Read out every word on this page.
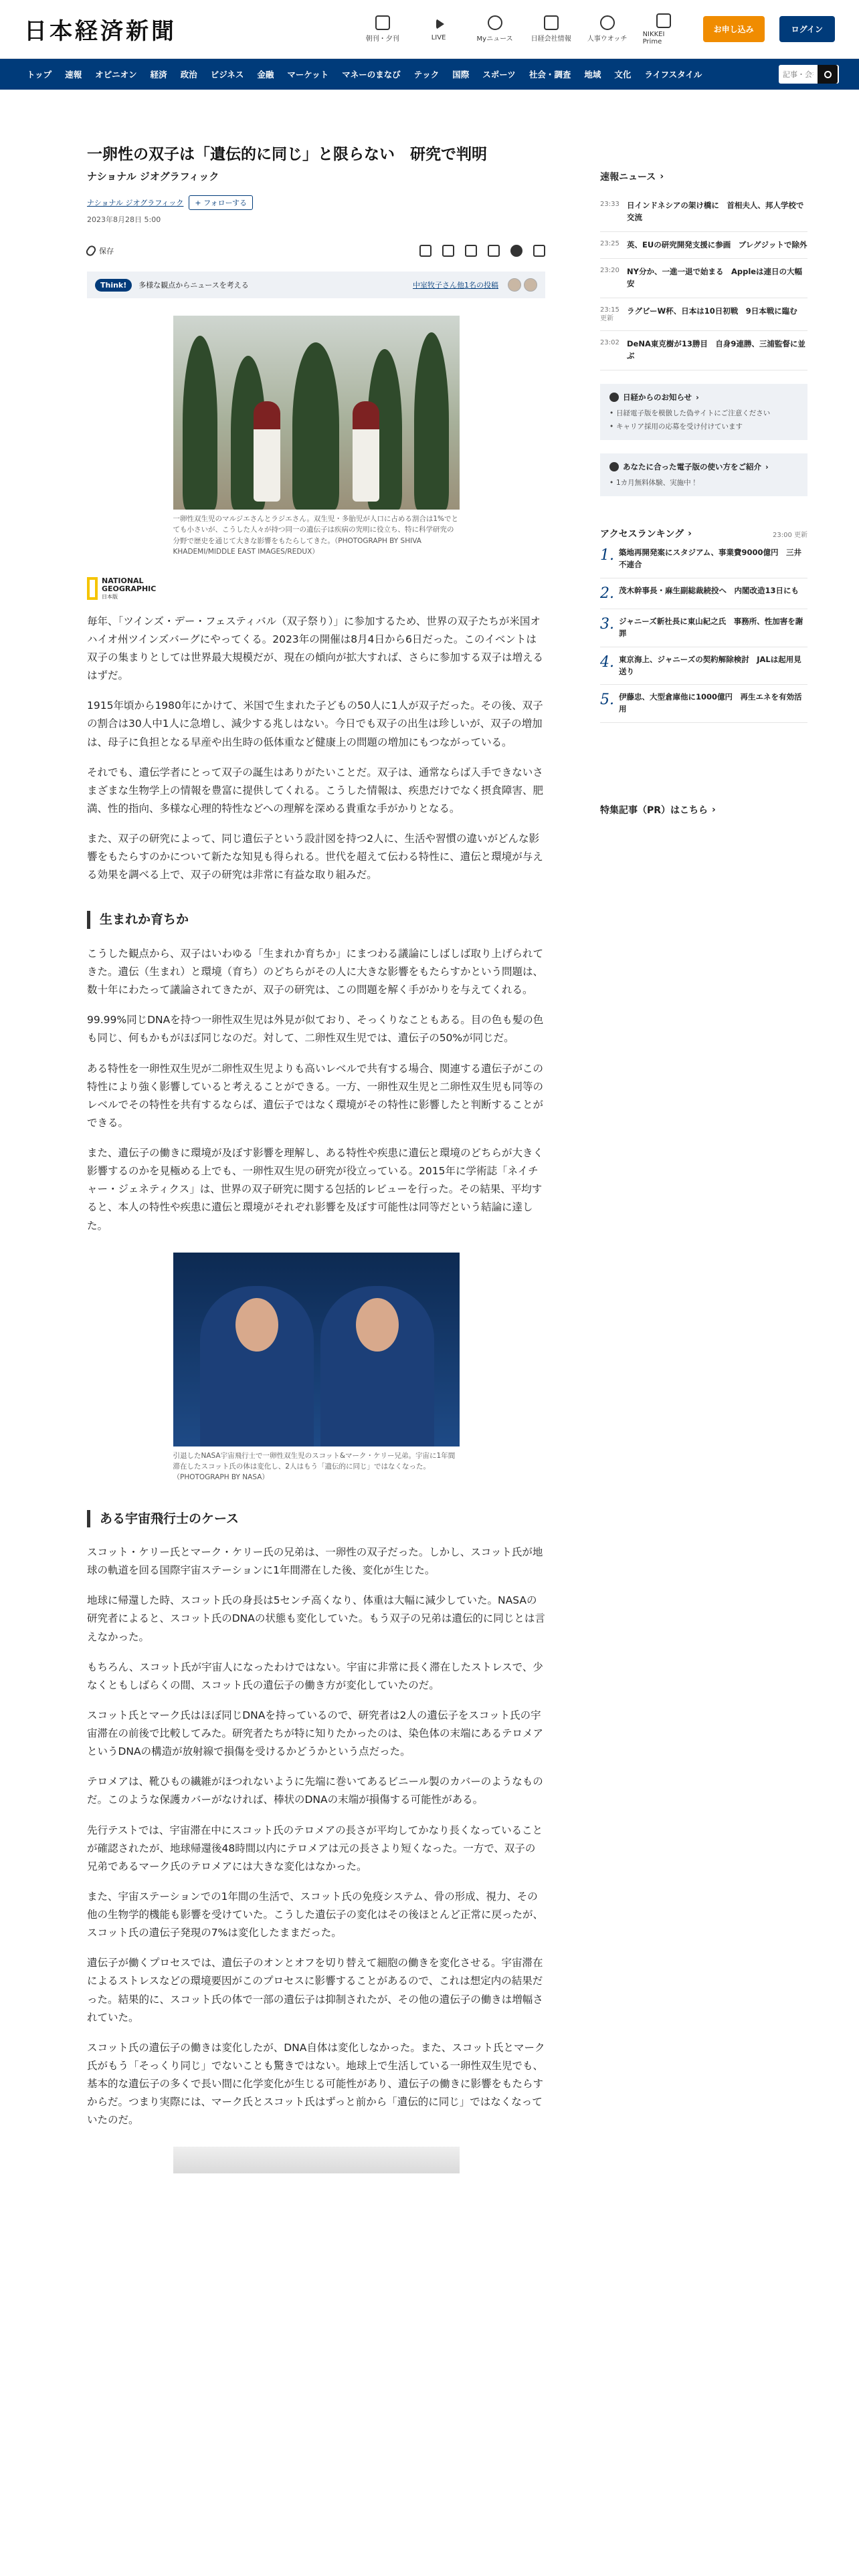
日本経済新聞	朝刊・夕刊	LIVE	Myニュース	日経会社情報 人事ウオッチ
NIKKEI Prime
お申し込み	ログイン
トップ	速報	オピニオン	経済	政治	ビジネス	金融	マーケット	マネーのまなび	テック	国際	スポーツ	社会・調査	地域	文化	ライフスタイル
記事・会社
一卵性の双子は「遺伝的に同じ」と限らない　研究で判明
ナショナル ジオグラフィック
ナショナル ジオグラフィック	+ フォローする
2023年8月28日 5:00
保存
Think!	多様な観点からニュースを考える	中室牧子さん他1名の投稿
一卵性双生児のマルジエさんとラジエさん。双生児・多胎児が人口に占める割合は1%でとても小さいが、こうした人々が持つ同一の遺伝子は疾病の究明に役立ち、特に科学研究の分野で歴史を通じて大きな影響をもたらしてきた。（PHOTOGRAPH BY SHIVA KHADEMI/MIDDLE EAST IMAGES/REDUX）
NATIONAL
GEOGRAPHIC
日本版

毎年、「ツインズ・デー・フェスティバル（双子祭り）」に参加するため、世界の双子たちが米国オハイオ州ツインズバーグにやってくる。2023年の開催は8月4日から6日だった。このイベントは双子の集まりとしては世界最大規模だが、現在の傾向が拡大すれば、さらに参加する双子は増えるはずだ。

1915年頃から1980年にかけて、米国で生まれた子どもの50人に1人が双子だった。その後、双子の割合は30人中1人に急増し、減少する兆しはない。今日でも双子の出生は珍しいが、双子の増加は、母子に負担となる早産や出生時の低体重など健康上の問題の増加にもつながっている。

それでも、遺伝学者にとって双子の誕生はありがたいことだ。双子は、通常ならば入手できないさまざまな生物学上の情報を豊富に提供してくれる。こうした情報は、疾患だけでなく摂食障害、肥満、性的指向、多様な心理的特性などへの理解を深める貴重な手がかりとなる。

また、双子の研究によって、同じ遺伝子という設計図を持つ2人に、生活や習慣の違いがどんな影響をもたらすのかについて新たな知見も得られる。世代を超えて伝わる特性に、遺伝と環境が与える効果を調べる上で、双子の研究は非常に有益な取り組みだ。

生まれか育ちか

こうした観点から、双子はいわゆる「生まれか育ちか」にまつわる議論にしばしば取り上げられてきた。遺伝（生まれ）と環境（育ち）のどちらがその人に大きな影響をもたらすかという問題は、数十年にわたって議論されてきたが、双子の研究は、この問題を解く手がかりを与えてくれる。

99.99%同じDNAを持つ一卵性双生児は外見が似ており、そっくりなこともある。目の色も髪の色も同じ、何もかもがほぼ同じなのだ。対して、二卵性双生児では、遺伝子の50%が同じだ。

ある特性を一卵性双生児が二卵性双生児よりも高いレベルで共有する場合、関連する遺伝子がこの特性により強く影響していると考えることができる。一方、一卵性双生児と二卵性双生児も同等のレベルでその特性を共有するならば、遺伝子ではなく環境がその特性に影響したと判断することができる。

また、遺伝子の働きに環境が及ぼす影響を理解し、ある特性や疾患に遺伝と環境のどちらが大きく影響するのかを見極める上でも、一卵性双生児の研究が役立っている。2015年に学術誌「ネイチャー・ジェネティクス」は、世界の双子研究に関する包括的レビューを行った。その結果、平均すると、本人の特性や疾患に遺伝と環境がそれぞれ影響を及ぼす可能性は同等だという結論に達した。

引退したNASA宇宙飛行士で一卵性双生児のスコット&マーク・ケリー兄弟。宇宙に1年間滞在したスコット氏の体は変化し、2人はもう「遺伝的に同じ」ではなくなった。（PHOTOGRAPH BY NASA）
ある宇宙飛行士のケース

スコット・ケリー氏とマーク・ケリー氏の兄弟は、一卵性の双子だった。しかし、スコット氏が地球の軌道を回る国際宇宙ステーションに1年間滞在した後、変化が生じた。

地球に帰還した時、スコット氏の身長は5センチ高くなり、体重は大幅に減少していた。NASAの研究者によると、スコット氏のDNAの状態も変化していた。もう双子の兄弟は遺伝的に同じとは言えなかった。

もちろん、スコット氏が宇宙人になったわけではない。宇宙に非常に長く滞在したストレスで、少なくともしばらくの間、スコット氏の遺伝子の働き方が変化していたのだ。

スコット氏とマーク氏はほぼ同じDNAを持っているので、研究者は2人の遺伝子をスコット氏の宇宙滞在の前後で比較してみた。研究者たちが特に知りたかったのは、染色体の末端にあるテロメアというDNAの構造が放射線で損傷を受けるかどうかという点だった。

テロメアは、靴ひもの繊維がほつれないように先端に巻いてあるビニール製のカバーのようなものだ。このような保護カバーがなければ、棒状のDNAの末端が損傷する可能性がある。

先行テストでは、宇宙滞在中にスコット氏のテロメアの長さが平均してかなり長くなっていることが確認されたが、地球帰還後48時間以内にテロメアは元の長さより短くなった。一方で、双子の兄弟であるマーク氏のテロメアには大きな変化はなかった。

また、宇宙ステーションでの1年間の生活で、スコット氏の免疫システム、骨の形成、視力、その他の生物学的機能も影響を受けていた。こうした遺伝子の変化はその後ほとんど正常に戻ったが、スコット氏の遺伝子発現の7%は変化したままだった。

遺伝子が働くプロセスでは、遺伝子のオンとオフを切り替えて細胞の働きを変化させる。宇宙滞在によるストレスなどの環境要因がこのプロセスに影響することがあるので、これは想定内の結果だった。結果的に、スコット氏の体で一部の遺伝子は抑制されたが、その他の遺伝子の働きは増幅されていた。

スコット氏の遺伝子の働きは変化したが、DNA自体は変化しなかった。また、スコット氏とマーク氏がもう「そっくり同じ」でないことも驚きではない。地球上で生活している一卵性双生児でも、基本的な遺伝子の多くで長い間に化学変化が生じる可能性があり、遺伝子の働きに影響をもたらすからだ。つまり実際には、マーク氏とスコット氏はずっと前から「遺伝的に同じ」ではなくなっていたのだ。

速報ニュース ›
23:33 日インドネシアの架け橋に　首相夫人、邦人学校で交流
23:25 英、EUの研究開発支援に参画　ブレグジットで除外
23:20 NY分か、一進一退で始まる　Appleは連日の大幅安
23:15 更新
ラグビーW杯、日本は10日初戦　9日本戦に臨む
23:02 DeNA東克樹が13勝目　自身9連勝、三浦監督に並ぶ
日経からのお知らせ ›
• 日経電子版を模倣した偽サイトにご注意ください
• キャリア採用の応募を受け付けています
あなたに合った電子版の使い方をご紹介 ›
• 1カ月無料体験、実施中！
アクセスランキング ›	23:00 更新
1. 築地再開発案にスタジアム、事業費9000億円　三井不連合
2. 茂木幹事長・麻生副総裁続投へ　内閣改造13日にも
3. ジャニーズ新社長に東山紀之氏　事務所、性加害を謝罪
4. 東京海上、ジャニーズの契約解除検討　JALは起用見送り
5. 伊藤忠、大型倉庫他に1000億円　再生エネを有効活用
特集記事（PR）はこちら ›
